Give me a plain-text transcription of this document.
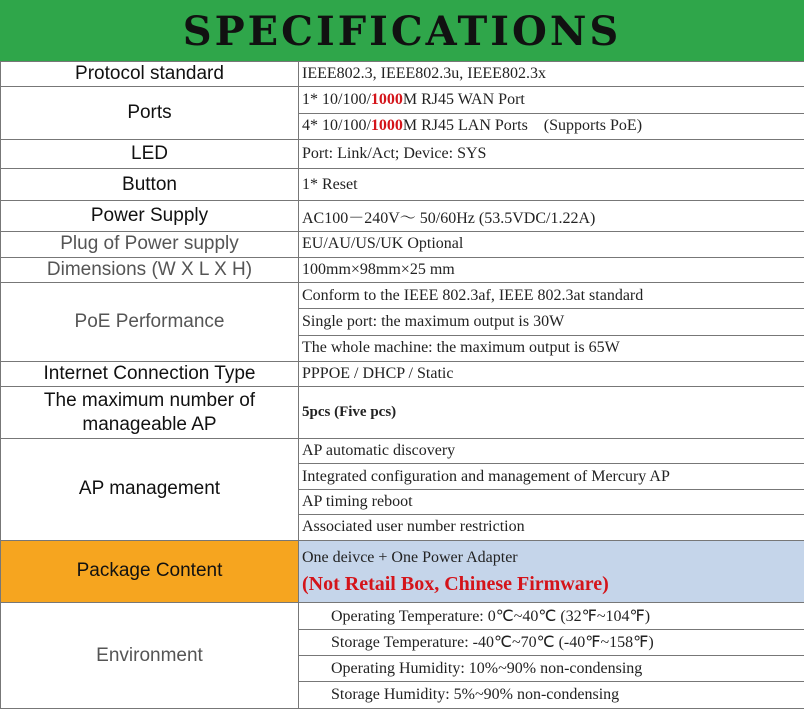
SPECIFICATIONS
Protocol standard	IEEE802.3, IEEE802.3u, IEEE802.3x
Ports	1* 10/100/1000M RJ45 WAN Port
	4* 10/100/1000M RJ45 LAN Ports    (Supports PoE)
LED	Port: Link/Act; Device: SYS
Button	1* Reset
Power Supply	AC100－240V～ 50/60Hz (53.5VDC/1.22A)
Plug of Power supply	EU/AU/US/UK Optional
Dimensions (W X L X H)	100mm×98mm×25 mm
PoE Performance	Conform to the IEEE 802.3af, IEEE 802.3at standard
	Single port: the maximum output is 30W
	The whole machine: the maximum output is 65W
Internet Connection Type	PPPOE / DHCP / Static
The maximum number of
manageable AP	5pcs (Five pcs)
AP management	AP automatic discovery
	Integrated configuration and management of Mercury AP
	AP timing reboot
	Associated user number restriction
Package Content	One deivce + One Power Adapter
(Not Retail Box, Chinese Firmware)
Environment	Operating Temperature: 0℃~40℃ (32℉~104℉)
	Storage Temperature: -40℃~70℃ (-40℉~158℉)
	Operating Humidity: 10%~90% non-condensing
	Storage Humidity: 5%~90% non-condensing
